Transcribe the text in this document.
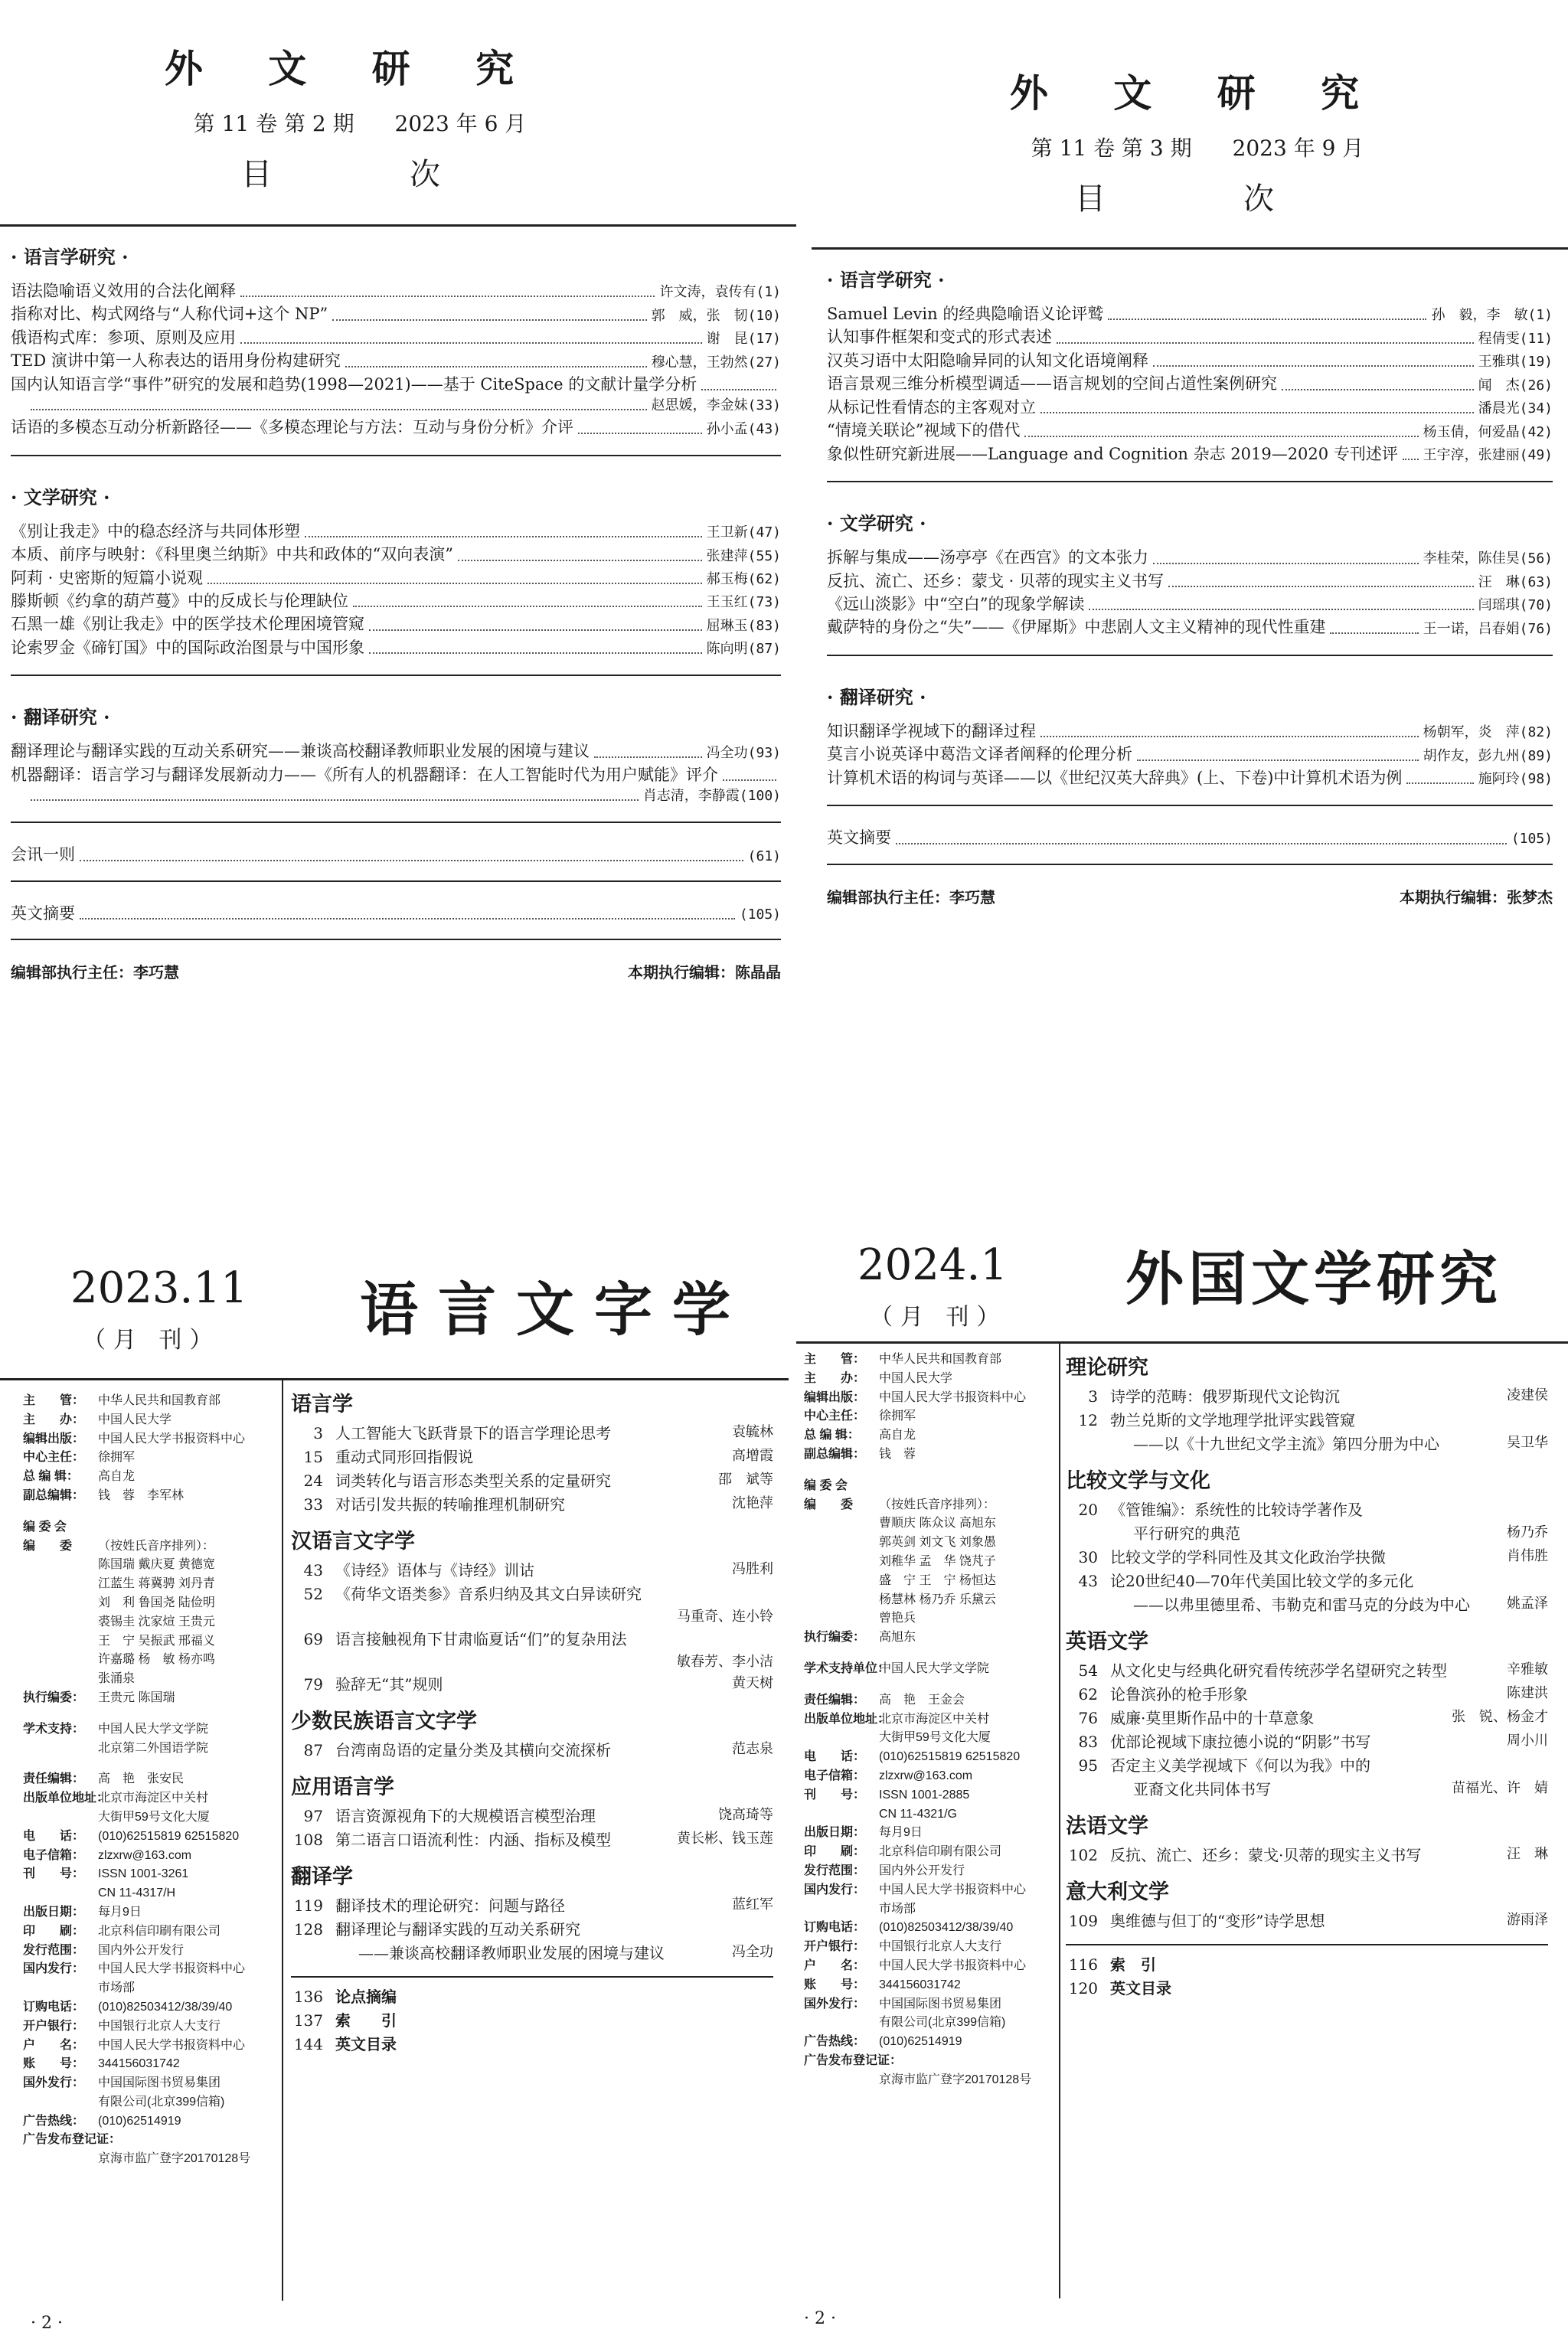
外 文 研 究
第 11 卷 第 2 期 2023 年 6 月
目　次
· 语言学研究 ·
语法隐喻语义效用的合法化阐释	许文涛，袁传有(1)
指称对比、构式网络与“人称代词+这个 NP”	郭　威，张　韧(10)
俄语构式库：参项、原则及应用	谢　昆(17)
TED 演讲中第一人称表达的语用身份构建研究	穆心慧，王勃然(27)
国内认知语言学“事件”研究的发展和趋势(1998—2021)——基于 CiteSpace 的文献计量学分析
赵思媛，李金妹(33)
话语的多模态互动分析新路径——《多模态理论与方法：互动与身份分析》介评	孙小孟(43)
· 文学研究 ·
《别让我走》中的稳态经济与共同体形塑	王卫新(47)
本质、前序与映射：《科里奥兰纳斯》中共和政体的“双向表演”	张建萍(55)
阿莉 · 史密斯的短篇小说观	郝玉梅(62)
滕斯顿《约拿的葫芦蔓》中的反成长与伦理缺位	王玉红(73)
石黑一雄《别让我走》中的医学技术伦理困境管窥	屈琳玉(83)
论索罗金《碲钉国》中的国际政治图景与中国形象	陈向明(87)
· 翻译研究 ·
翻译理论与翻译实践的互动关系研究——兼谈高校翻译教师职业发展的困境与建议	冯全功(93)
机器翻译：语言学习与翻译发展新动力——《所有人的机器翻译：在人工智能时代为用户赋能》评介
肖志清，李静霞(100)
会讯一则	(61)
英文摘要	(105)
编辑部执行主任：李巧慧	本期执行编辑：陈晶晶
外 文 研 究
第 11 卷 第 3 期 2023 年 9 月
目　次
· 语言学研究 ·
Samuel Levin 的经典隐喻语义论评鹫	孙　毅，李　敏(1)
认知事件框架和变式的形式表述	程倩雯(11)
汉英习语中太阳隐喻异同的认知文化语境阐释	王雅琪(19)
语言景观三维分析模型调适——语言规划的空间占道性案例研究	闻　杰(26)
从标记性看情态的主客观对立	潘晨光(34)
“情境关联论”视域下的借代	杨玉倩，何爱晶(42)
象似性研究新进展——Language and Cognition 杂志 2019—2020 专刊述评 王宇淳，张建丽(49)
· 文学研究 ·
拆解与集成——汤亭亭《在西宫》的文本张力	李桂荣，陈佳昊(56)
反抗、流亡、还乡：蒙戈 · 贝蒂的现实主义书写	汪　琳(63)
《远山淡影》中“空白”的现象学解读	闫瑶琪(70)
戴萨特的身份之“失”——《伊犀斯》中悲剧人文主义精神的现代性重建	王一诺，吕春娟(76)
· 翻译研究 ·
知识翻译学视域下的翻译过程	杨朝军，炎　萍(82)
莫言小说英译中葛浩文译者阐释的伦理分析	胡作友，彭九州(89)
计算机术语的构词与英译——以《世纪汉英大辞典》(上、下卷)中计算机术语为例	施阿玲(98)
英文摘要	(105)
编辑部执行主任：李巧慧	本期执行编辑：张梦杰
2023.11
（月 刊） 语言文字学
主　　管：	中华人民共和国教育部
主　　办：	中国人民大学
编辑出版：	中国人民大学书报资料中心
中心主任：	徐拥军
总 编 辑：	高自龙
副总编辑：	钱　蓉　李军林
编 委 会
编　　委	（按姓氏音序排列）：
陈国瑞 戴庆夏 黄德宽
江蓝生 蒋冀骋 刘丹青
刘　利 鲁国尧 陆俭明
裘锡圭 沈家煊 王贵元
王　宁 吴振武 邢福义
许嘉璐 杨　敏 杨亦鸣
张涌泉
执行编委：	王贵元 陈国瑞
学术支持：	中国人民大学文学院
北京第二外国语学院
责任编辑：	高　艳　张安民
出版单位地址：
北京市海淀区中关村
大街甲59号文化大厦
电　　话：	(010)62515819 62515820
电子信箱：	zlzxrw@163.com
刊　　号：	ISSN 1001-3261
CN 11-4317/H
出版日期：	每月9日
印　　刷：	北京科信印刷有限公司
发行范围：	国内外公开发行
国内发行：	中国人民大学书报资料中心
市场部
订购电话：	(010)82503412/38/39/40
开户银行：	中国银行北京人大支行
户　　名：	中国人民大学书报资料中心
账　　号：	344156031742
国外发行：	中国国际图书贸易集团
有限公司(北京399信箱)
广告热线：	(010)62514919
广告发布登记证：
京海市监广登字20170128号
语言学
3 人工智能大飞跃背景下的语言学理论思考	袁毓林
15 重动式同形回指假说	高增霞
24 词类转化与语言形态类型关系的定量研究	邵　斌等
33 对话引发共振的转喻推理机制研究	沈艳萍
汉语言文字学
43 《诗经》语体与《诗经》训诂	冯胜利
52 《荷华文语类参》音系归纳及其文白异读研究
马重奇、连小铃
69 语言接触视角下甘肃临夏话“们”的复杂用法
敏春芳、李小洁
79 验辞无“其”规则	黄天树
少数民族语言文字学
87 台湾南岛语的定量分类及其横向交流探析	范志泉
应用语言学
97 语言资源视角下的大规模语言模型治理	饶高琦等
108 第二语言口语流利性：内涵、指标及模型	黄长彬、钱玉莲
翻译学
119 翻译技术的理论研究：问题与路径	蓝红军
128 翻译理论与翻译实践的互动关系研究
——兼谈高校翻译教师职业发展的困境与建议	冯全功
136 论点摘编
137 索　　引
144 英文目录
· 2 ·
2024.1
（月 刊）
外国文学研究
主　　管：	中华人民共和国教育部
主　　办：	中国人民大学
编辑出版：	中国人民大学书报资料中心
中心主任：	徐拥军
总 编 辑：	高自龙
副总编辑：	钱　蓉
编 委 会
编　　委	（按姓氏音序排列）：
曹顺庆 陈众议 高旭东
郭英剑 刘文飞 刘象愚
刘稚华 孟　华 饶芃子
盛　宁 王　宁 杨恒达
杨慧林 杨乃乔 乐黛云
曾艳兵
执行编委：	高旭东
学术支持单位：
中国人民大学文学院
责任编辑：	高　艳　王金会
出版单位地址：
北京市海淀区中关村
大街甲59号文化大厦
电　　话：	(010)62515819 62515820
电子信箱：	zlzxrw@163.com
刊　　号：	ISSN 1001-2885
CN 11-4321/G
出版日期：	每月9日
印　　刷：	北京科信印刷有限公司
发行范围：	国内外公开发行
国内发行：	中国人民大学书报资料中心
市场部
订购电话：	(010)82503412/38/39/40
开户银行：	中国银行北京人大支行
户　　名：	中国人民大学书报资料中心
账　　号：	344156031742
国外发行：	中国国际图书贸易集团
有限公司(北京399信箱)
广告热线：	(010)62514919
广告发布登记证：
京海市监广登字20170128号
理论研究
3 诗学的范畴：俄罗斯现代文论钩沉	凌建侯
12 勃兰兑斯的文学地理学批评实践管窥
——以《十九世纪文学主流》第四分册为中心	吴卫华
比较文学与文化
20 《管锥编》：系统性的比较诗学著作及
平行研究的典范	杨乃乔
30 比较文学的学科同性及其文化政治学抉微	肖伟胜
43 论20世纪40—70年代美国比较文学的多元化
——以弗里德里希、韦勒克和雷马克的分歧为中心	姚孟泽
英语文学
54 从文化史与经典化研究看传统莎学名望研究之转型	辛雅敏
62 论鲁滨孙的枪手形象	陈建洪
76 威廉·莫里斯作品中的十草意象	张　锐、杨金才
83 优部论视域下康拉德小说的“阴影”书写	周小川
95 否定主义美学视域下《何以为我》中的
亚裔文化共同体书写	苗福光、许　婧
法语文学
102 反抗、流亡、还乡：蒙戈·贝蒂的现实主义书写	汪　琳
意大利文学
109 奥维德与但丁的“变形”诗学思想	游雨泽
116 索　引
120 英文目录
· 2 ·
